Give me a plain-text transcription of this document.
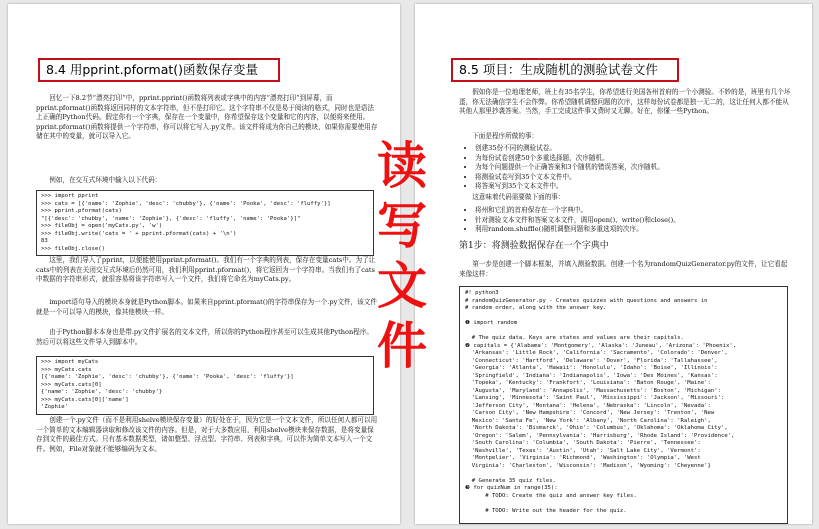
8.4 用pprint.pformat()函数保存变量

回忆一下8.2节“漂亮打印”中，pprint.pprint()函数将列表或字典中的内容“漂亮打印”到屏幕，而pprint.pformat()函数将返回同样的文本字符串，但不是打印它。这个字符串不仅是易于阅读的格式，同时也是语法上正确的Python代码。假定你有一个字典，保存在一个变量中，你希望保存这个变量和它的内容，以便将来使用。pprint.pformat()函数将提供一个字符串，你可以将它写入.py文件。该文件将成为你自己的模块，如果你需要使用存储在其中的变量，就可以导入它。

例如，在交互式环境中输入以下代码：

>>> import pprint
>>> cats = [{'name': 'Zophie', 'desc': 'chubby'}, {'name': 'Pooka', 'desc': 'fluffy'}]
>>> pprint.pformat(cats)
"[{'desc': 'chubby', 'name': 'Zophie'}, {'desc': 'fluffy', 'name': 'Pooka'}]"
>>> fileObj = open('myCats.py', 'w')
>>> fileObj.write('cats = ' + pprint.pformat(cats) + '\n')
83
>>> fileObj.close()

这里，我们导入了pprint，以便能使用pprint.pformat()。我们有一个字典的列表，保存在变量cats中。为了让cats中的列表在关闭交互式环境后仍然可用，我们利用pprint.pformat()，将它返回为一个字符串。当我们有了cats中数据的字符串形式，就很容易将该字符串写入一个文件，我们将它命名为myCats.py。

import语句导入的模块本身就是Python脚本。如果来自pprint.pformat()的字符串保存为一个.py文件，该文件就是一个可以导入的模块，像其他模块一样。

由于Python脚本本身也是带.py文件扩展名的文本文件，所以你的Python程序甚至可以生成其他Python程序。然后可以将这些文件导入到脚本中。

>>> import myCats
>>> myCats.cats
[{'name': 'Zophie', 'desc': 'chubby'}, {'name': 'Pooka', 'desc': 'fluffy'}]
>>> myCats.cats[0]
{'name': 'Zophie', 'desc': 'chubby'}
>>> myCats.cats[0]['name']
'Zophie'

创建一个.py文件（而不是利用shelve模块保存变量）的好处在于，因为它是一个文本文件，所以任何人都可以用一个简单的文本编辑器读取和修改该文件的内容。但是，对于大多数应用，利用shelve模块来保存数据，是将变量保存到文件的最佳方式。只有基本数据类型，诸如整型、浮点型、字符串、列表和字典，可以作为简单文本写入一个文件。例如，File对象就不能够编码为文本。

8.5 项目：生成随机的测验试卷文件

假如你是一位地理老师，班上有35名学生，你希望进行美国各州首府的一个小测验。不妙的是，班里有几个坏蛋，你无法确信学生不会作弊。你希望随机调整问题的次序，这样每份试卷都是独一无二的，这让任何人都不能从其他人那里抄袭答案。当然，手工完成这件事又费时又无聊。好在，你懂一些Python。

下面是程序所做的事：

• 创建35份不同的测验试卷。
• 为每份试卷创建50个多重选择题，次序随机。
• 为每个问题提供一个正确答案和3个随机的错误答案，次序随机。
• 将测验试卷写到35个文本文件中。
• 将答案写到35个文本文件中。

这意味着代码需要做下面的事：

• 将州和它们的首府保存在一个字典中。
• 针对测验文本文件和答案文本文件，调用open()、write()和close()。
• 利用random.shuffle()随机调整问题和多重选项的次序。

第1步：将测验数据保存在一个字典中

第一步是创建一个脚本框架，并填入测验数据。创建一个名为randomQuizGenerator.py的文件，让它看起来像这样：

#! python3
# randomQuizGenerator.py - Creates quizzes with questions and answers in
# random order, along with the answer key.

❶ import random

# The quiz data. Keys are states and values are their capitals.
❷ capitals = {'Alabama': 'Montgomery', 'Alaska': 'Juneau', 'Arizona': 'Phoenix',
'Arkansas': 'Little Rock', 'California': 'Sacramento', 'Colorado': 'Denver',
'Connecticut': 'Hartford', 'Delaware': 'Dover', 'Florida': 'Tallahassee',
'Georgia': 'Atlanta', 'Hawaii': 'Honolulu', 'Idaho': 'Boise', 'Illinois':
'Springfield', 'Indiana': 'Indianapolis', 'Iowa': 'Des Moines', 'Kansas':
'Topeka', 'Kentucky': 'Frankfort', 'Louisiana': 'Baton Rouge', 'Maine':
'Augusta', 'Maryland': 'Annapolis', 'Massachusetts': 'Boston', 'Michigan':
'Lansing', 'Minnesota': 'Saint Paul', 'Mississippi': 'Jackson', 'Missouri':
'Jefferson City', 'Montana': 'Helena', 'Nebraska': 'Lincoln', 'Nevada':
'Carson City', 'New Hampshire': 'Concord', 'New Jersey': 'Trenton', 'New
Mexico': 'Santa Fe', 'New York': 'Albany', 'North Carolina': 'Raleigh',
'North Dakota': 'Bismarck', 'Ohio': 'Columbus', 'Oklahoma': 'Oklahoma City',
'Oregon': 'Salem', 'Pennsylvania': 'Harrisburg', 'Rhode Island': 'Providence',
'South Carolina': 'Columbia', 'South Dakota': 'Pierre', 'Tennessee':
'Nashville', 'Texas': 'Austin', 'Utah': 'Salt Lake City', 'Vermont':
'Montpelier', 'Virginia': 'Richmond', 'Washington': 'Olympia', 'West
Virginia': 'Charleston', 'Wisconsin': 'Madison', 'Wyoming': 'Cheyenne'}

# Generate 35 quiz files.
❸ for quizNum in range(35):
# TODO: Create the quiz and answer key files.

# TODO: Write out the header for the quiz.
读
写
文
件
